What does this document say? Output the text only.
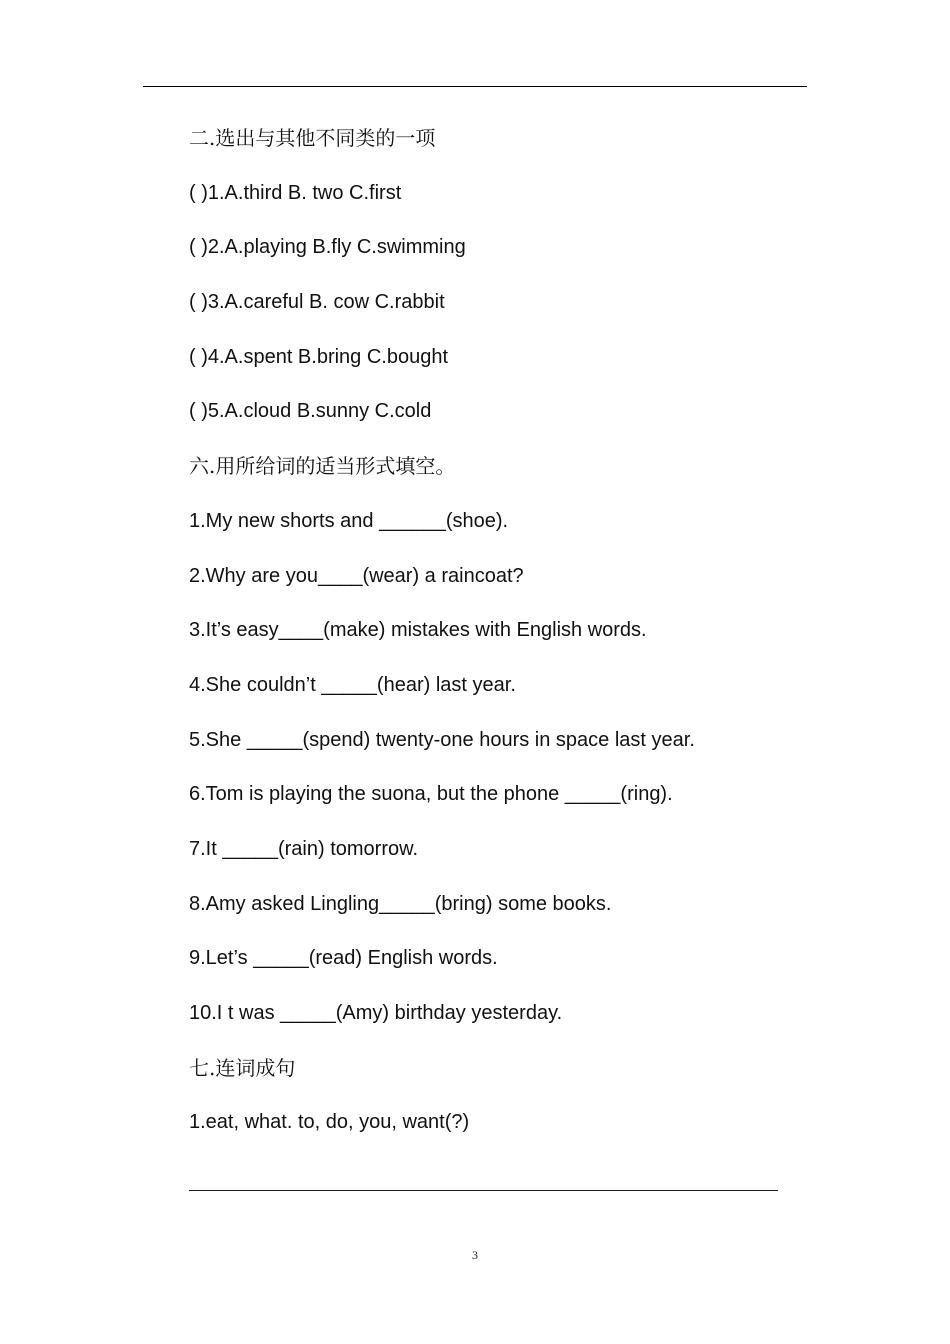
二.选出与其他不同类的一项
( )1.A.third B. two C.first
( )2.A.playing B.fly C.swimming
( )3.A.careful B. cow C.rabbit
( )4.A.spent B.bring C.bought
( )5.A.cloud B.sunny C.cold
六.用所给词的适当形式填空。
1.My new shorts and ______(shoe).
2.Why are you____(wear) a raincoat?
3.It’s easy____(make) mistakes with English words.
4.She couldn’t _____(hear) last year.
5.She _____(spend) twenty-one hours in space last year.
6.Tom is playing the suona, but the phone _____(ring).
7.It _____(rain) tomorrow.
8.Amy asked Lingling_____(bring) some books.
9.Let’s _____(read) English words.
10.I t was _____(Amy) birthday yesterday.
七.连词成句
1.eat, what. to, do, you, want(?)
3
